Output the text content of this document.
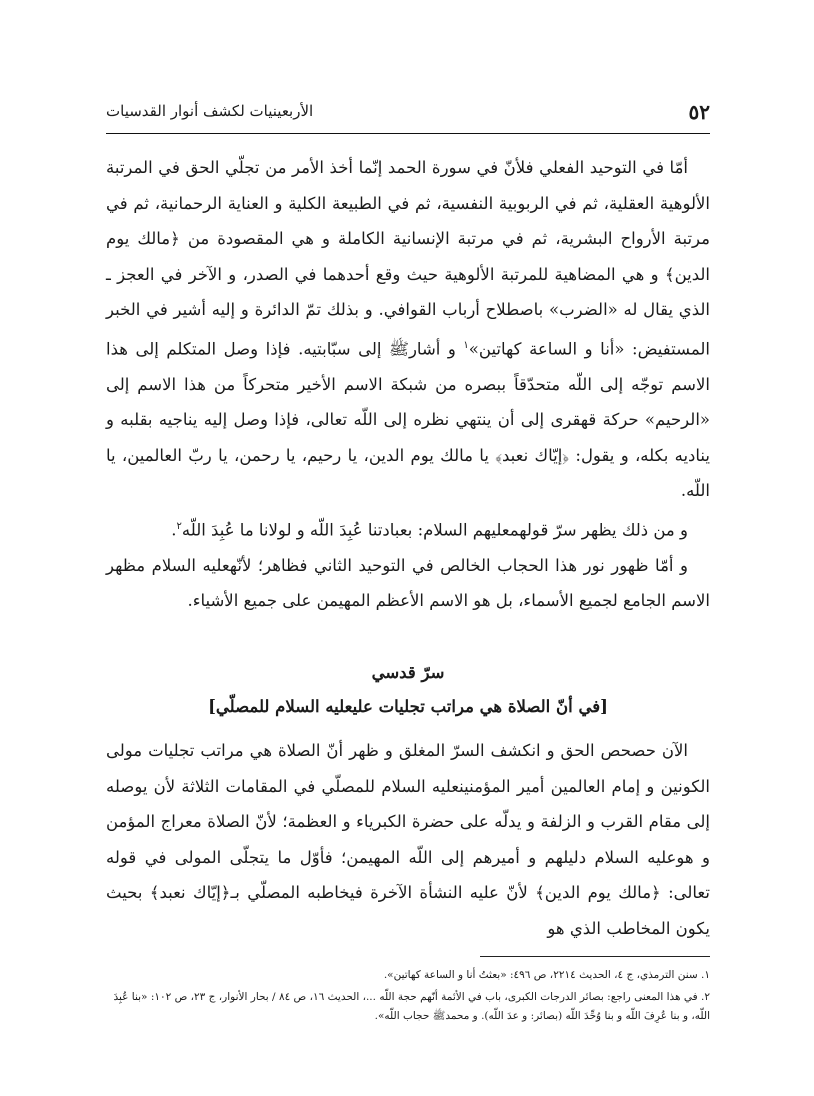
٥٢
الأربعينيات لكشف أنوار القدسيات

أمّا في التوحيد الفعلي فلأنّ في سورة الحمد إنّما أخذ الأمر من تجلّي الحق في المرتبة الألوهية العقلية، ثم في الربوبية النفسية، ثم في الطبيعة الكلية و العناية الرحمانية، ثم في مرتبة الأرواح البشرية، ثم في مرتبة الإنسانية الكاملة و هي المقصودة من ﴿مالك يوم الدين﴾ و هي المضاهية للمرتبة الألوهية حيث وقع أحدهما في الصدر، و الآخر في العجز ـ الذي يقال له «الضرب» باصطلاح أرباب القوافي. و بذلك تمّ الدائرة و إليه أشير في الخبر المستفيض: «أنا و الساعة كهاتين»$^١$ و أشارﷺ إلى سبّابتيه. فإذا وصل المتكلم إلى هذا الاسم توجّه إلى اللّه متحدّقاً ببصره من شبكة الاسم الأخير متحركاً من هذا الاسم إلى «الرحيم» حركة قهقرى إلى أن ينتهي نظره إلى اللّه تعالى، فإذا وصل إليه يناجيه بقلبه و يناديه بكله، و يقول: ﴿إيّاك نعبد﴾ يا مالك يوم الدين، يا رحيم، يا رحمن، يا ربّ العالمين، يا اللّه.

و من ذلك يظهر سرّ قولهمعليهم السلام: بعبادتنا عُبِدَ اللّه و لولانا ما عُبِدَ اللّه$^٢$.

و أمّا ظهور نور هذا الحجاب الخالص في التوحيد الثاني فظاهر؛ لأنّهعليه السلام مظهر الاسم الجامع لجميع الأسماء، بل هو الاسم الأعظم المهيمن على جميع الأشياء.

سرّ قدسي
[في أنّ الصلاة هي مراتب تجليات عليعليه السلام للمصلّي]

الآن حصحص الحق و انكشف السرّ المغلق و ظهر أنّ الصلاة هي مراتب تجليات مولى الكونين و إمام العالمين أمير المؤمنينعليه السلام للمصلّي في المقامات الثلاثة لأن يوصله إلى مقام القرب و الزلفة و يدلّه على حضرة الكبرياء و العظمة؛ لأنّ الصلاة معراج المؤمن و هوعليه السلام دليلهم و أميرهم إلى اللّه المهيمن؛ فأوّل ما يتجلّى المولى في قوله تعالى: ﴿مالك يوم الدين﴾ لأنّ عليه النشأة الآخرة فيخاطبه المصلّي بـ﴿إيّاك نعبد﴾ بحيث يكون المخاطب الذي هو

١. سنن الترمذي، ج ٤، الحديث ٢٢١٤، ص ٤٩٦: «بعثتُ أنا و الساعة كهاتين».
٢. في هذا المعنى راجع: بصائر الدرجات الكبرى، باب في الأئمة أنّهم حجة اللّه ...، الحديث ١٦، ص ٨٤ / بحار الأنوار، ج ٢٣، ص ١٠٢: «بنا عُبِدَ اللّه، و بنا عُرِفَ اللّه و بنا وُحِّدَ اللّه (بصائر: و عدَ اللّه). و محمدﷺ حجاب اللّه».
